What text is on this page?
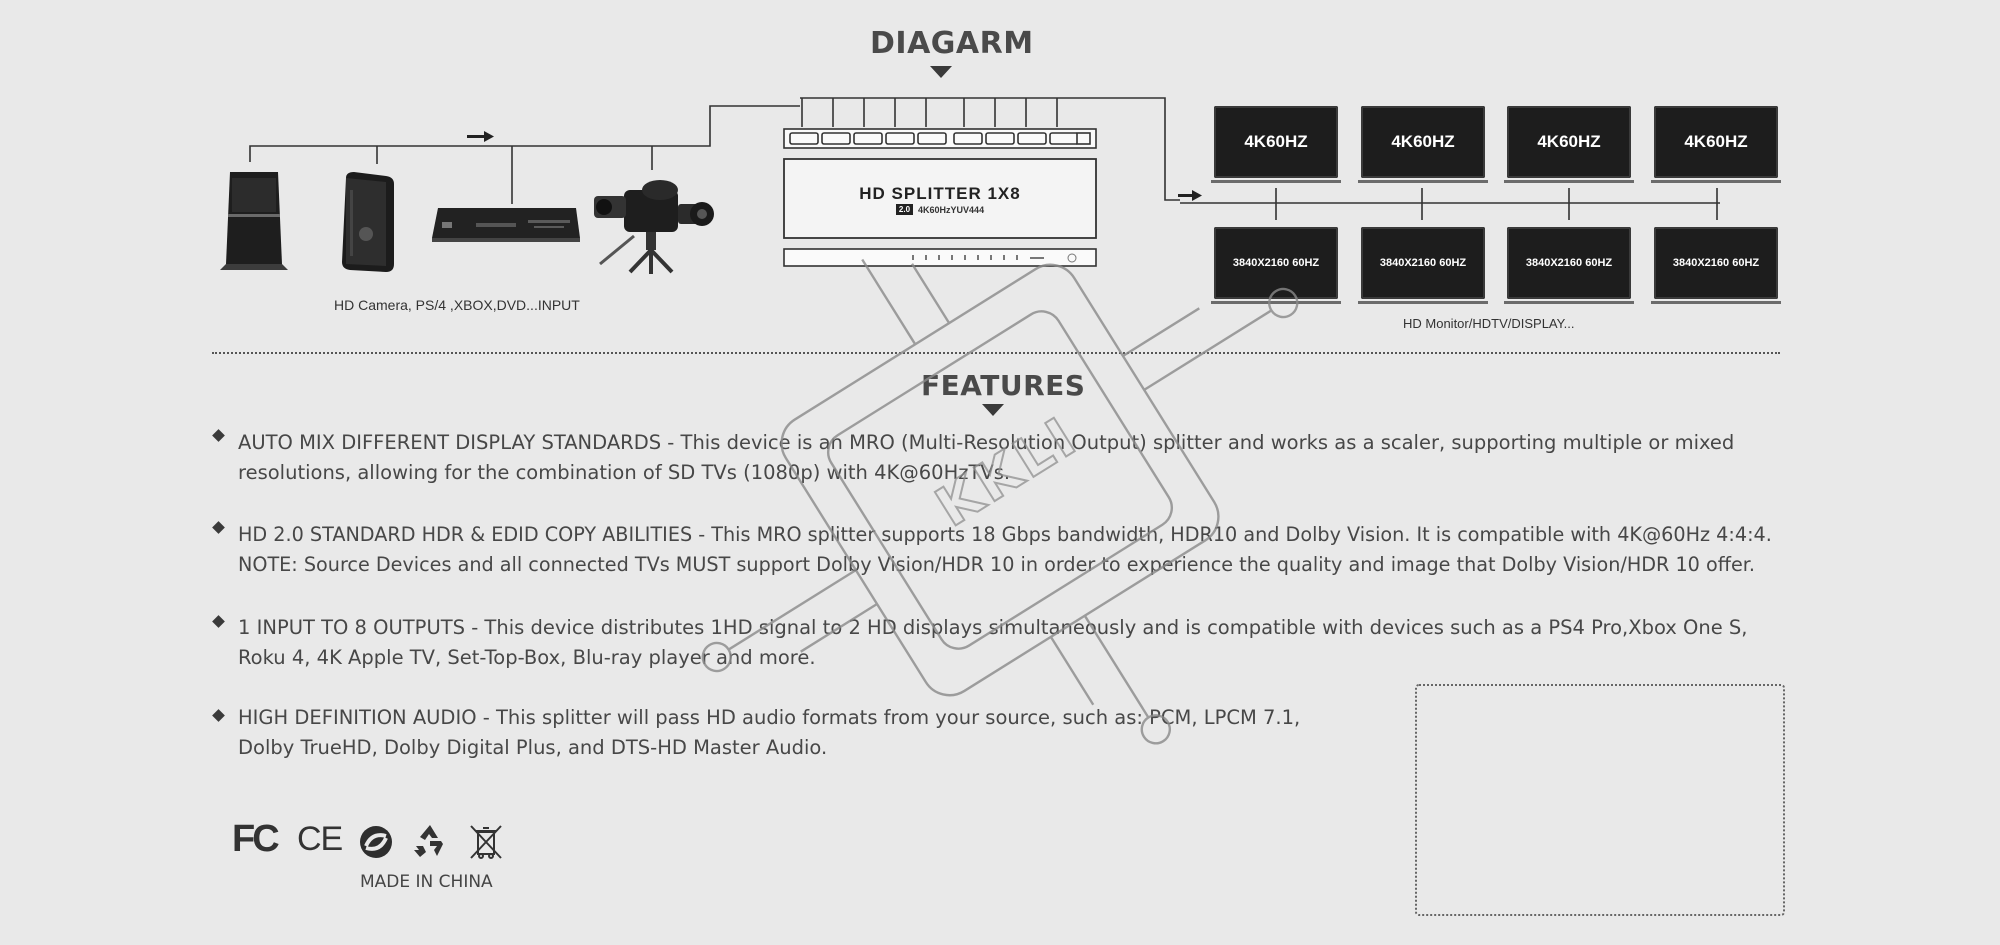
DIAGARM
HD SPLITTER 1X8
2.0 4K60HzYUV444
HD Camera, PS/4 ,XBOX,DVD...INPUT
4K60HZ	4K60HZ	4K60HZ	4K60HZ
3840X2160 60HZ	3840X2160 60HZ	3840X2160 60HZ	3840X2160 60HZ
HD Monitor/HDTV/DISPLAY...
FEATURES
AUTO MIX DIFFERENT DISPLAY STANDARDS - This device is an MRO (Multi-Resolution Output) splitter and works as a scaler, supporting multiple or mixed
resolutions, allowing for the combination of SD TVs (1080p) with 4K@60HzTVs.
HD 2.0 STANDARD HDR & EDID COPY ABILITIES - This MRO splitter supports 18 Gbps bandwidth, HDR10 and Dolby Vision. It is compatible with 4K@60Hz 4:4:4.
NOTE: Source Devices and all connected TVs MUST support Dolby Vision/HDR 10 in order to experience the quality and image that Dolby Vision/HDR 10 offer.
1 INPUT TO 8 OUTPUTS - This device distributes 1HD signal to 2 HD displays simultaneously and is compatible with devices such as a PS4 Pro,Xbox One S,
Roku 4, 4K Apple TV, Set-Top-Box, Blu-ray player and more.
HIGH DEFINITION AUDIO - This splitter will pass HD audio formats from your source, such as: PCM, LPCM 7.1,
Dolby TrueHD, Dolby Digital Plus, and DTS-HD Master Audio.
FC CE
MADE IN CHINA
KKLI
